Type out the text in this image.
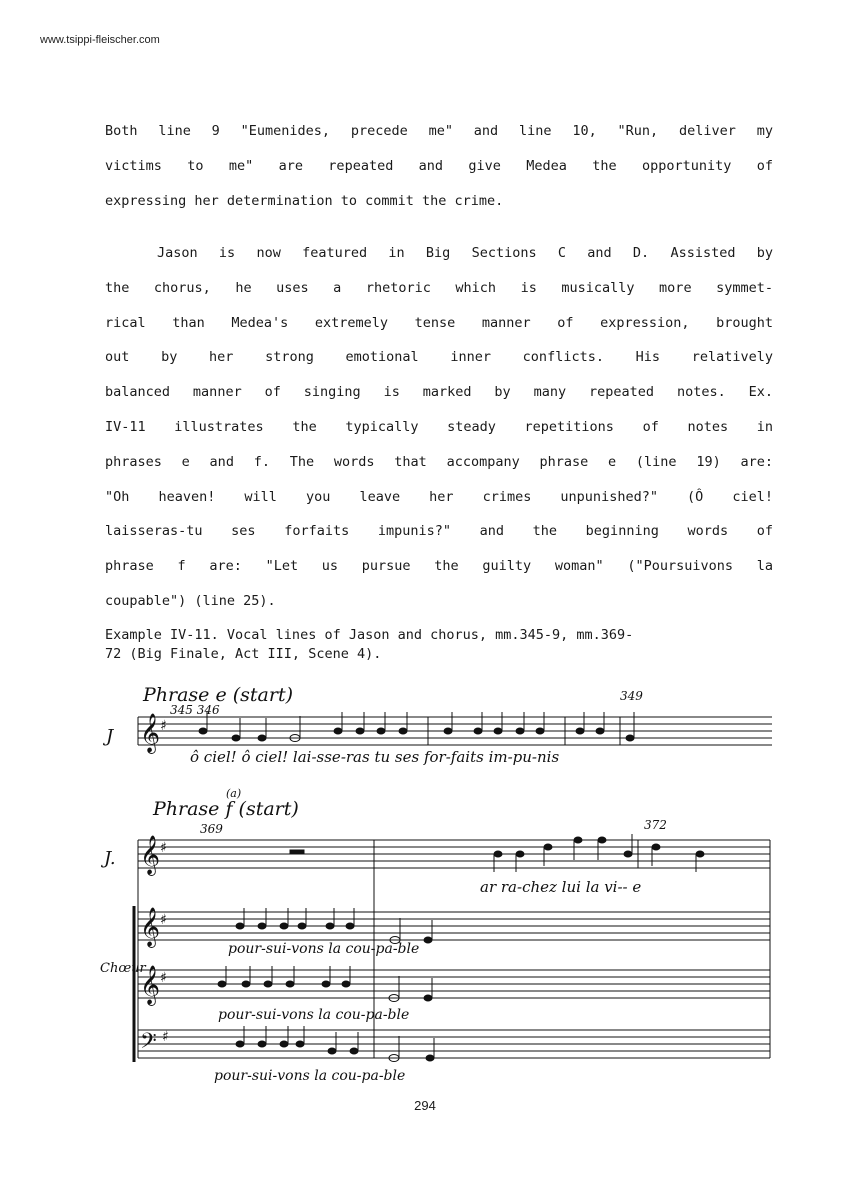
www.tsippi-fleischer.com
Both line 9 "Eumenides, precede me" and line 10, "Run, deliver my
victims to me" are repeated and give Medea the opportunity of
expressing her determination to commit the crime.
Jason is now featured in Big Sections C and D. Assisted by
the chorus, he uses a rhetoric which is musically more symmet-
rical than Medea's extremely tense manner of expression, brought
out by her strong emotional inner conflicts. His relatively
balanced manner of singing is marked by many repeated notes. Ex.
IV-11 illustrates the typically steady repetitions of notes in
phrases e and f. The words that accompany phrase e (line 19) are:
"Oh heaven! will you leave her crimes unpunished?" (Ô ciel!
laisseras-tu ses forfaits impunis?" and the beginning words of
phrase f are: "Let us pursue the guilty woman" ("Poursuivons la
coupable") (line 25).
Example IV-11. Vocal lines of Jason and chorus, mm.345-9, mm.369-
72 (Big Finale, Act III, Scene 4).
𝄞
𝄞
𝄞
𝄞
𝄢
♯
♯
♯
♯
♯
Phrase e (start)
345 346
349
J
ô ciel! ô ciel! lai-sse-ras tu ses for-faits im-pu-nis
(a)
Phrase f (start)
369	372
J.
ar ra-chez lui la vi-- e
pour-sui-vons la cou-pa-ble
Chœur
pour-sui-vons la cou-pa-ble
pour-sui-vons la cou-pa-ble
294
